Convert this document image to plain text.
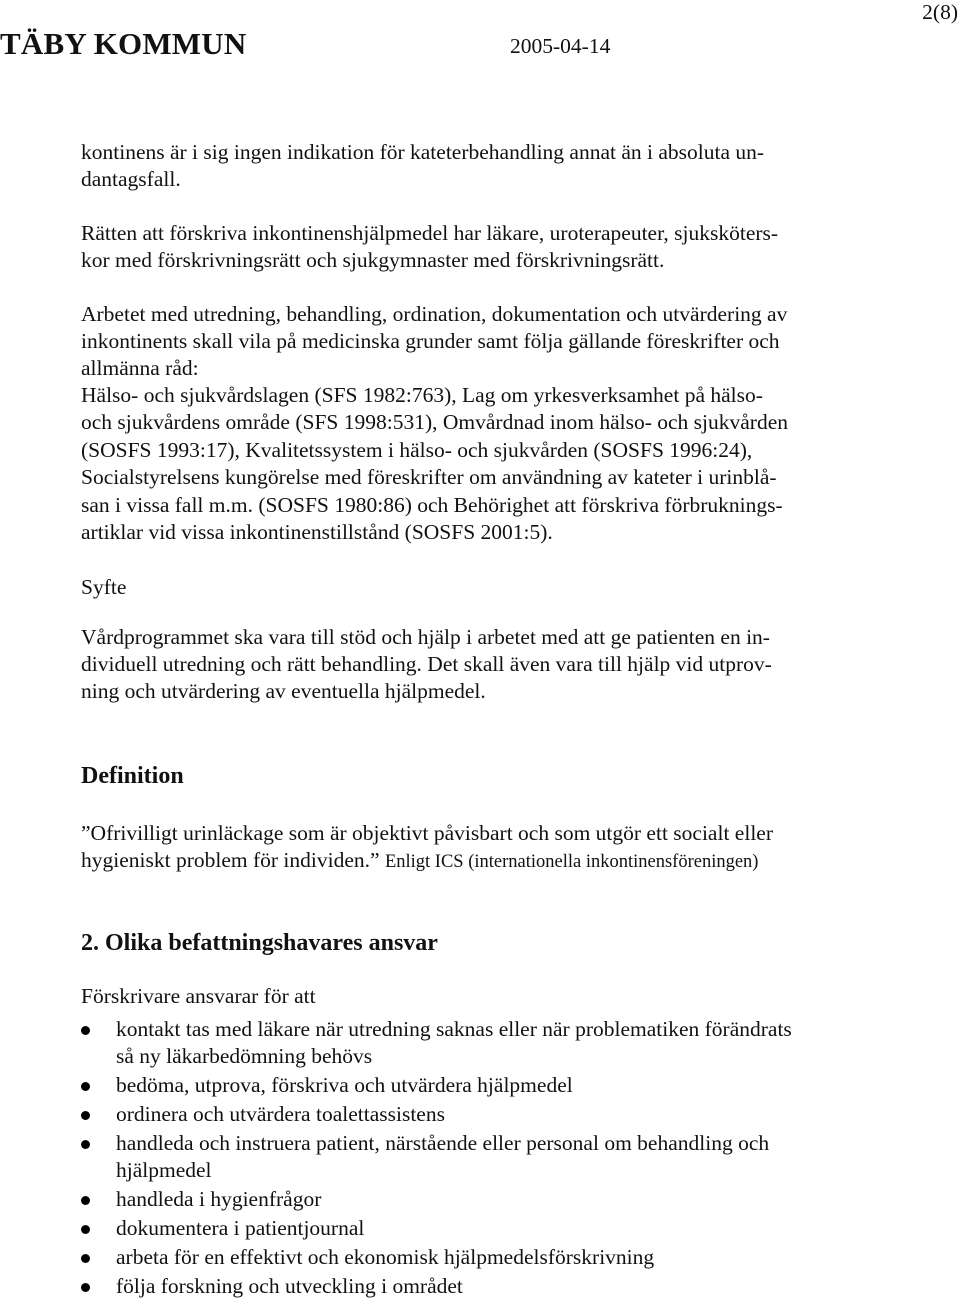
TÄBY KOMMUN	2005-04-14
2(8)
kontinens är i sig ingen indikation för kateterbehandling annat än i absoluta un-
dantagsfall.
Rätten att förskriva inkontinenshjälpmedel har läkare, uroterapeuter, sjuksköters-
kor med förskrivningsrätt och sjukgymnaster med förskrivningsrätt.
Arbetet med utredning, behandling, ordination, dokumentation och utvärdering av
inkontinents skall vila på medicinska grunder samt följa gällande föreskrifter och
allmänna råd:
Hälso- och sjukvårdslagen (SFS 1982:763), Lag om yrkesverksamhet på hälso-
och sjukvårdens område (SFS 1998:531), Omvårdnad inom hälso- och sjukvården
(SOSFS 1993:17), Kvalitetssystem i hälso- och sjukvården (SOSFS 1996:24),
Socialstyrelsens kungörelse med föreskrifter om användning av kateter i urinblå-
san i vissa fall m.m. (SOSFS 1980:86) och Behörighet att förskriva förbruknings-
artiklar vid vissa inkontinenstillstånd (SOSFS 2001:5).
Syfte
Vårdprogrammet ska vara till stöd och hjälp i arbetet med att ge patienten en in-
dividuell utredning och rätt behandling. Det skall även vara till hjälp vid utprov-
ning och utvärdering av eventuella hjälpmedel.
Definition
”Ofrivilligt urinläckage som är objektivt påvisbart och som utgör ett socialt eller
hygieniskt problem för individen.” Enligt ICS (internationella inkontinensföreningen)
2. Olika befattningshavares ansvar
Förskrivare ansvarar för att
kontakt tas med läkare när utredning saknas eller när problematiken förändrats
så ny läkarbedömning behövs
bedöma, utprova, förskriva och utvärdera hjälpmedel
ordinera och utvärdera toalettassistens
handleda och instruera patient, närstående eller personal om behandling och
hjälpmedel
handleda i hygienfrågor
dokumentera i patientjournal
arbeta för en effektivt och ekonomisk hjälpmedelsförskrivning
följa forskning och utveckling i området
